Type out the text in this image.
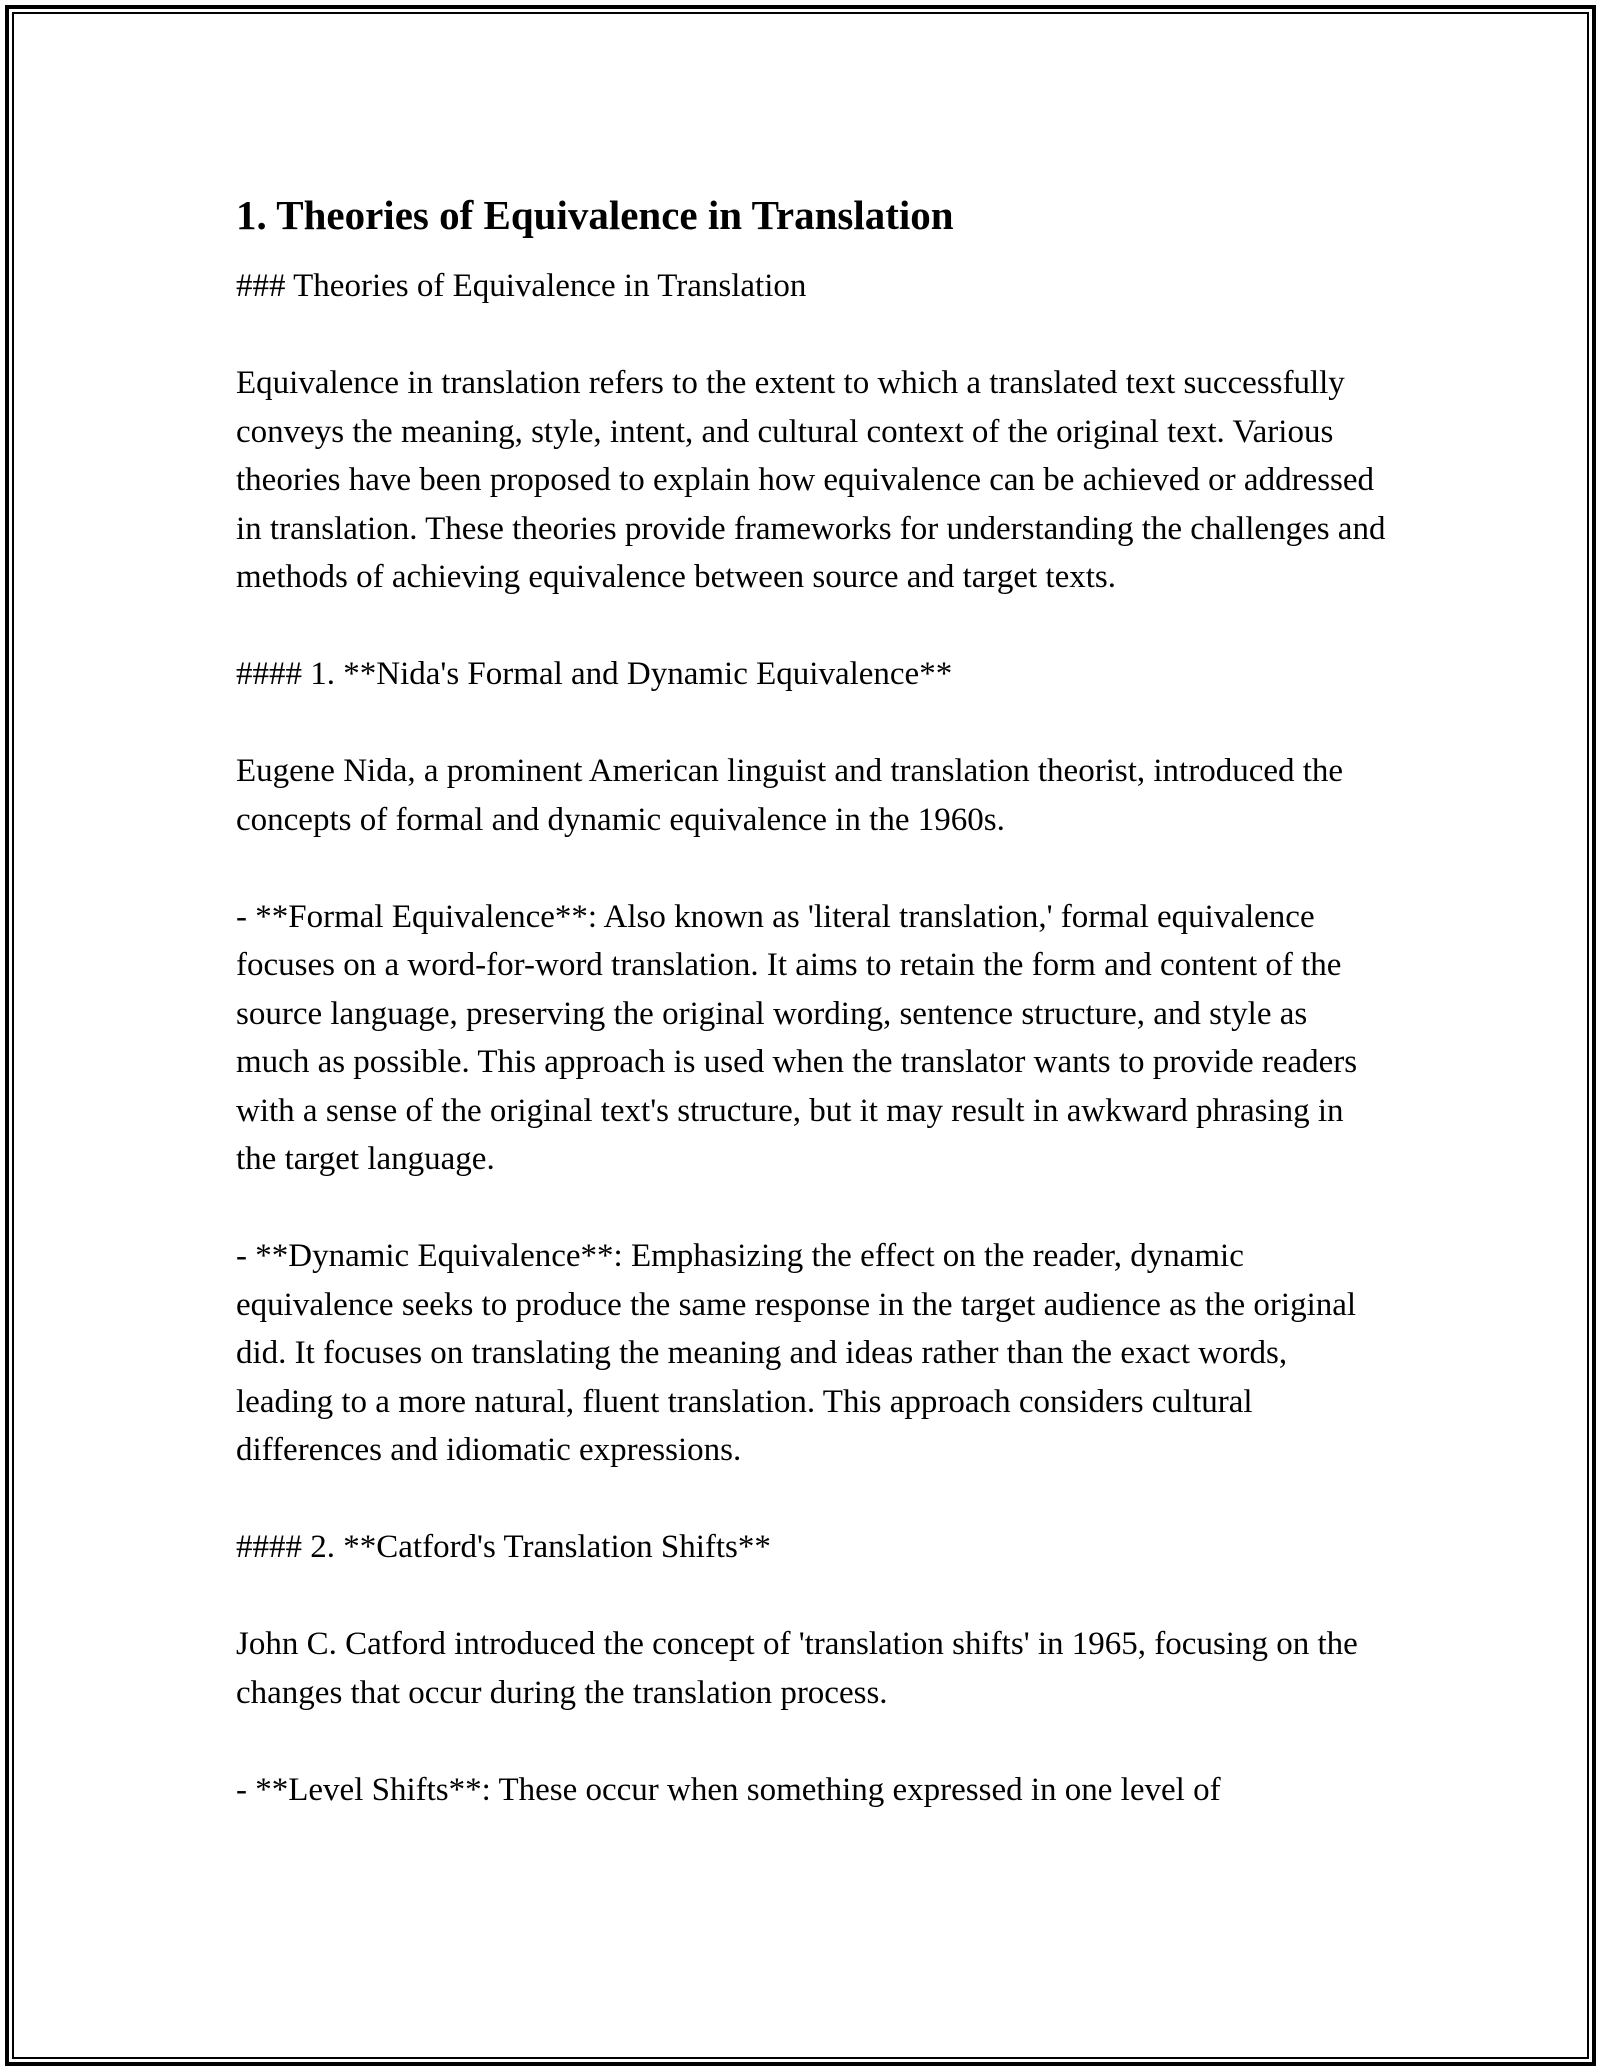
1. Theories of Equivalence in Translation

### Theories of Equivalence in Translation

Equivalence in translation refers to the extent to which a translated text successfully conveys the meaning, style, intent, and cultural context of the original text. Various theories have been proposed to explain how equivalence can be achieved or addressed in translation. These theories provide frameworks for understanding the challenges and methods of achieving equivalence between source and target texts.

#### 1. **Nida's Formal and Dynamic Equivalence**

Eugene Nida, a prominent American linguist and translation theorist, introduced the concepts of formal and dynamic equivalence in the 1960s.

- **Formal Equivalence**: Also known as 'literal translation,' formal equivalence focuses on a word-for-word translation. It aims to retain the form and content of the source language, preserving the original wording, sentence structure, and style as much as possible. This approach is used when the translator wants to provide readers with a sense of the original text's structure, but it may result in awkward phrasing in the target language.

- **Dynamic Equivalence**: Emphasizing the effect on the reader, dynamic equivalence seeks to produce the same response in the target audience as the original did. It focuses on translating the meaning and ideas rather than the exact words, leading to a more natural, fluent translation. This approach considers cultural differences and idiomatic expressions.

#### 2. **Catford's Translation Shifts**

John C. Catford introduced the concept of 'translation shifts' in 1965, focusing on the changes that occur during the translation process.

- **Level Shifts**: These occur when something expressed in one level of
